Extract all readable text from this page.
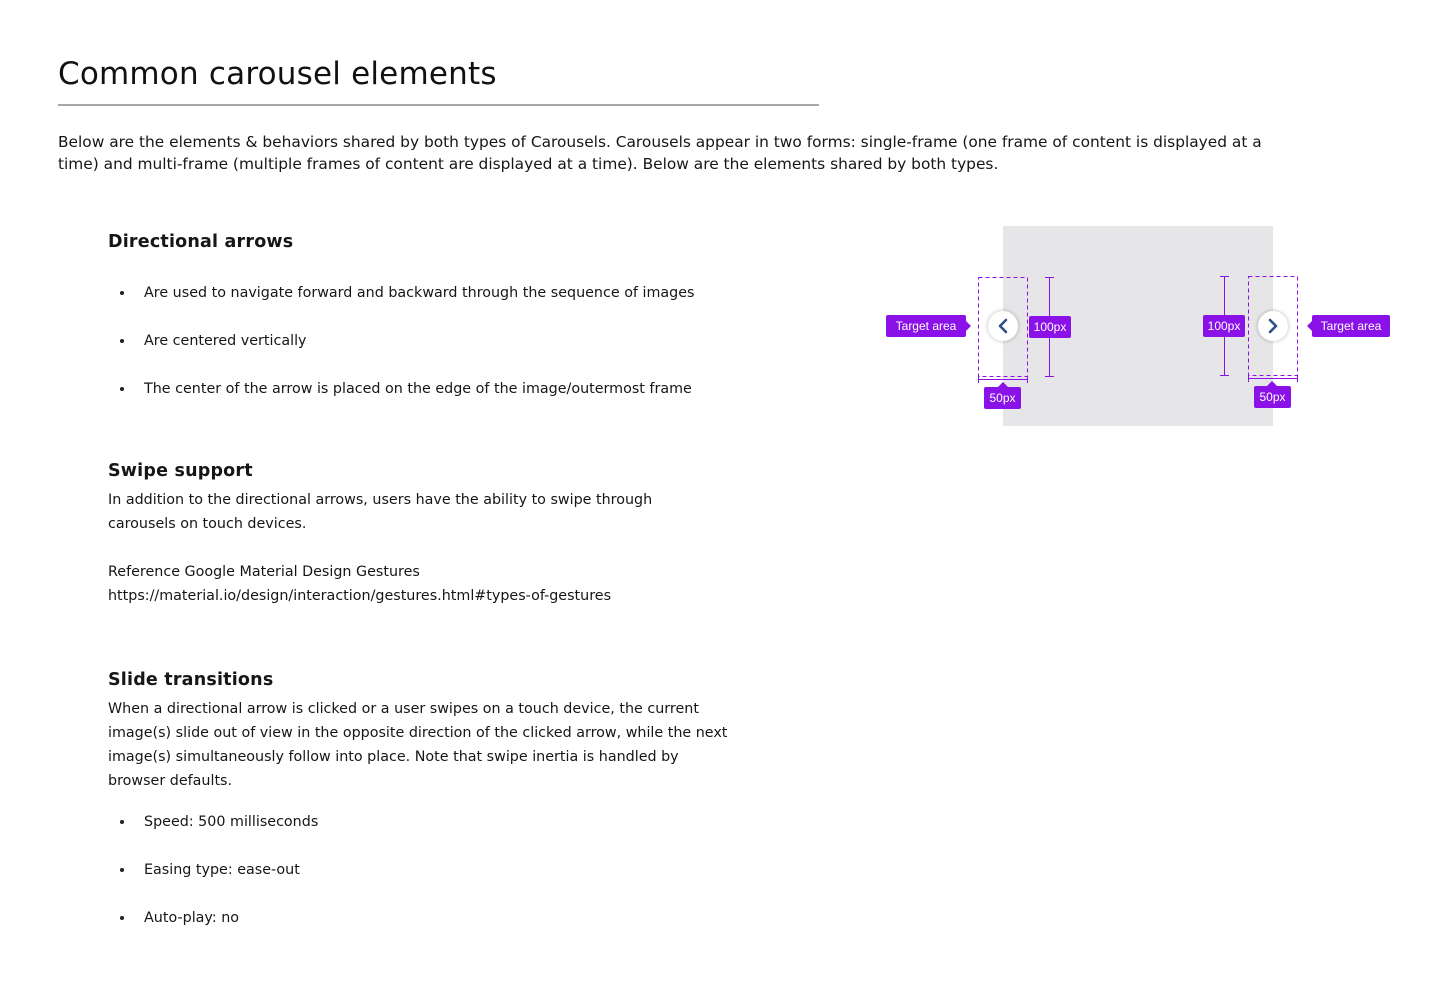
Common carousel elements

Below are the elements & behaviors shared by both types of Carousels. Carousels appear in two forms: single-frame (one frame of content is displayed at a time) and multi-frame (multiple frames of content are displayed at a time). Below are the elements shared by both types.

Directional arrows
Are used to navigate forward and backward through the sequence of images
Are centered vertically
The center of the arrow is placed on the edge of the image/outermost frame
Swipe support

In addition to the directional arrows, users have the ability to swipe through carousels on touch devices.

Reference Google Material Design Gestures

https://material.io/design/interaction/gestures.html#types-of-gestures

Slide transitions

When a directional arrow is clicked or a user swipes on a touch device, the current image(s) slide out of view in the opposite direction of the clicked arrow, while the next image(s) simultaneously follow into place. Note that swipe inertia is handled by browser defaults.

Speed: 500 milliseconds
Easing type: ease-out
Auto-play: no
Target area	Target area
100px	100px
50px	50px
